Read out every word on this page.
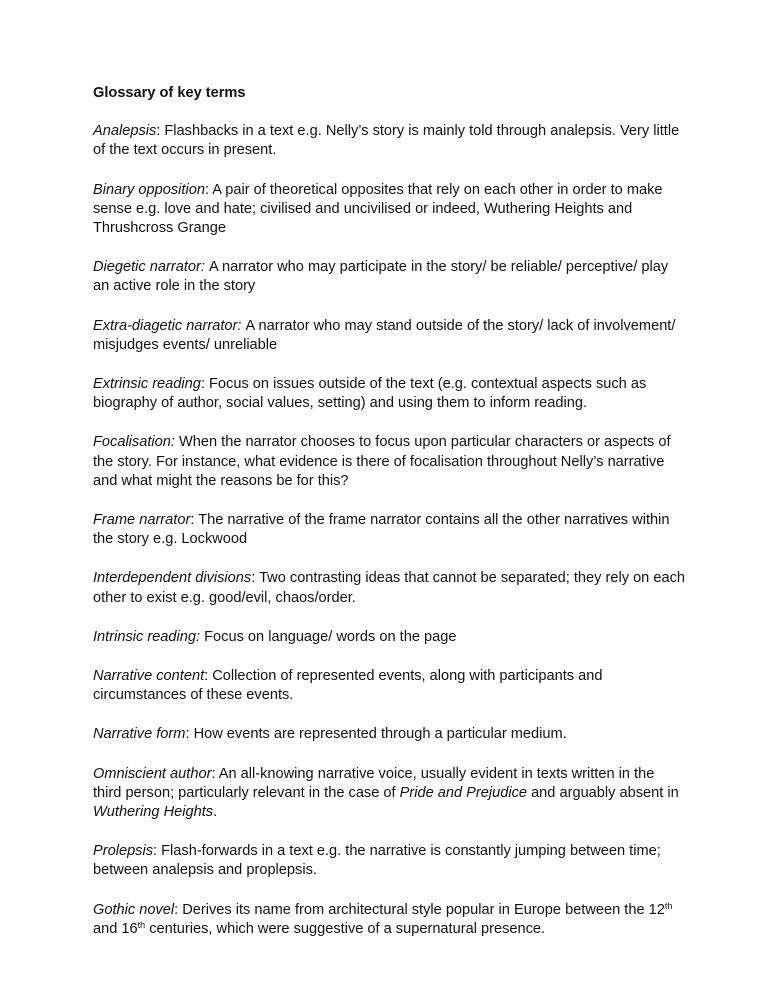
Glossary of key terms
Analepsis: Flashbacks in a text e.g. Nelly’s story is mainly told through analepsis. Very little of the text occurs in present.
Binary opposition: A pair of theoretical opposites that rely on each other in order to make sense e.g. love and hate; civilised and uncivilised or indeed, Wuthering Heights and Thrushcross Grange
Diegetic narrator: A narrator who may participate in the story/ be reliable/ perceptive/ play an active role in the story
Extra-diagetic narrator: A narrator who may stand outside of the story/ lack of involvement/ misjudges events/ unreliable
Extrinsic reading: Focus on issues outside of the text (e.g. contextual aspects such as biography of author, social values, setting) and using them to inform reading.
Focalisation: When the narrator chooses to focus upon particular characters or aspects of the story. For instance, what evidence is there of focalisation throughout Nelly’s narrative and what might the reasons be for this?
Frame narrator: The narrative of the frame narrator contains all the other narratives within the story e.g. Lockwood
Interdependent divisions: Two contrasting ideas that cannot be separated; they rely on each other to exist e.g. good/evil, chaos/order.
Intrinsic reading: Focus on language/ words on the page
Narrative content: Collection of represented events, along with participants and circumstances of these events.
Narrative form: How events are represented through a particular medium.
Omniscient author: An all-knowing narrative voice, usually evident in texts written in the third person; particularly relevant in the case of Pride and Prejudice and arguably absent in Wuthering Heights.
Prolepsis: Flash-forwards in a text e.g. the narrative is constantly jumping between time; between analepsis and proplepsis.
Gothic novel: Derives its name from architectural style popular in Europe between the 12th and 16th centuries, which were suggestive of a supernatural presence.
